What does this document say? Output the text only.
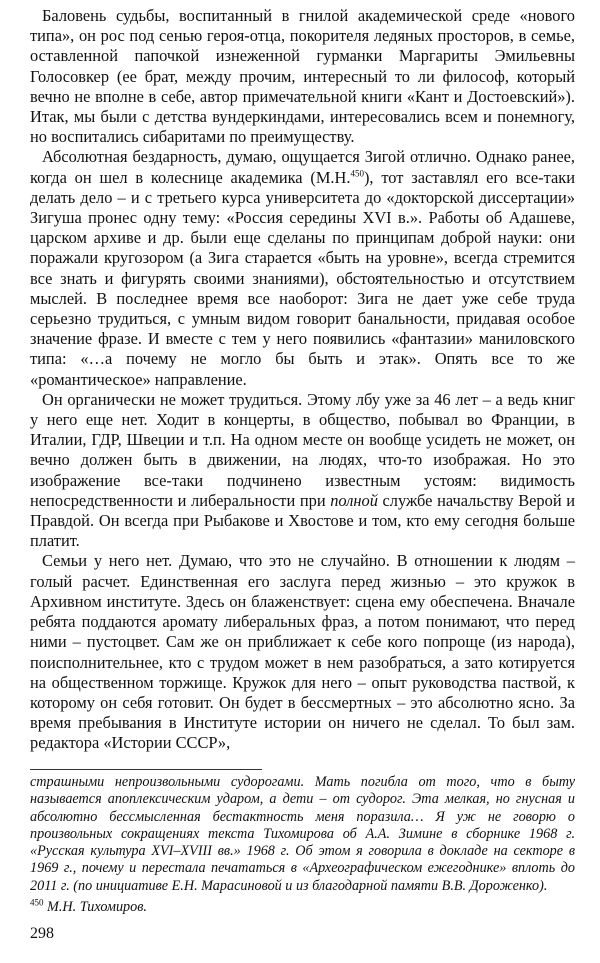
Баловень судьбы, воспитанный в гнилой академической среде «нового типа», он рос под сенью героя-отца, покорителя ледяных просторов, в семье, оставленной папочкой изнеженной гурманки Маргариты Эмильевны Голосовкер (ее брат, между прочим, интересный то ли философ, который вечно не вполне в себе, автор примечательной книги «Кант и Достоевский»). Итак, мы были с детства вундеркиндами, интересовались всем и понемногу, но воспитались сибаритами по преимуществу.

Абсолютная бездарность, думаю, ощущается Зигой отлично. Однако ранее, когда он шел в колеснице академика (М.Н.$^{450}$), тот заставлял его все-таки делать дело – и с третьего курса университета до «докторской диссертации» Зигуша пронес одну тему: «Россия середины XVI в.». Работы об Адашеве, царском архиве и др. были еще сделаны по принципам доброй науки: они поражали кругозором (а Зига старается «быть на уровне», всегда стремится все знать и фигурять своими знаниями), обстоятельностью и отсутствием мыслей. В последнее время все наоборот: Зига не дает уже себе труда серьезно трудиться, с умным видом говорит банальности, придавая особое значение фразе. И вместе с тем у него появились «фантазии» маниловского типа: «…а почему не могло бы быть и этак». Опять все то же «романтическое» направление.

Он органически не может трудиться. Этому лбу уже за 46 лет – а ведь книг у него еще нет. Ходит в концерты, в общество, побывал во Франции, в Италии, ГДР, Швеции и т.п. На одном месте он вообще усидеть не может, он вечно должен быть в движении, на людях, что-то изображая. Но это изображение все-таки подчинено известным устоям: видимость непосредственности и либеральности при полной службе начальству Верой и Правдой. Он всегда при Рыбакове и Хвостове и том, кто ему сегодня больше платит.

Семьи у него нет. Думаю, что это не случайно. В отношении к людям – голый расчет. Единственная его заслуга перед жизнью – это кружок в Архивном институте. Здесь он блаженствует: сцена ему обеспечена. Вначале ребята поддаются аромату либеральных фраз, а потом понимают, что перед ними – пустоцвет. Сам же он приближает к себе кого попроще (из народа), поисполнительнее, кто с трудом может в нем разобраться, а зато котируется на общественном торжище. Кружок для него – опыт руководства паствой, к которому он себя готовит. Он будет в бессмертных – это абсолютно ясно. За время пребывания в Институте истории он ничего не сделал. То был зам. редактора «Истории СССР»,

страшными непроизвольными судорогами. Мать погибла от того, что в быту называется апоплексическим ударом, а дети – от судорог. Эта мелкая, но гнусная и абсолютно бессмысленная бестактность меня поразила… Я уж не говорю о произвольных сокращениях текста Тихомирова об А.А. Зимине в сборнике 1968 г. «Русская культура XVI–XVIII вв.» 1968 г. Об этом я говорила в докладе на секторе в 1969 г., почему и перестала печататься в «Археографическом ежегоднике» вплоть до 2011 г. (по инициативе Е.Н. Марасиновой и из благодарной памяти В.В. Дороженко).

$^{450}$ М.Н. Тихомиров.

298
